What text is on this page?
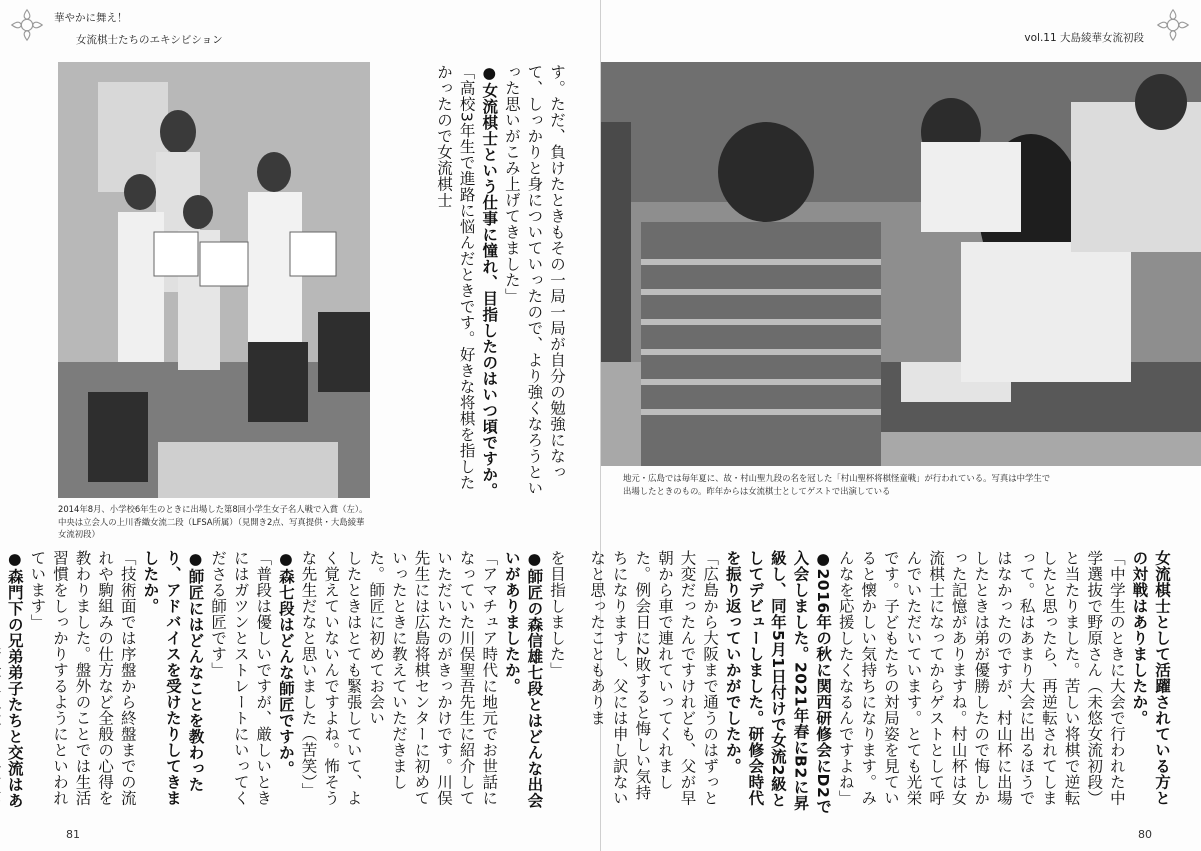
華やかに舞え！
女流棋士たちのエキシビション
2014年8月、小学校6年生のときに出場した第8回小学生女子名人戦で入賞（左）。中央は立会人の上川香織女流二段（LFSA所属）（見開き2点、写真提供・大島綾華女流初段）

す。ただ、負けたときもその一局一局が自分の勉強になって、しっかりと身についていったので、より強くなろうといった思いがこみ上げてきました」

●女流棋士という仕事に憧れ、目指したのはいつ頃ですか。

「高校3年生で進路に悩んだときです。好きな将棋を指したかったので女流棋士

を目指しました」

●師匠の森信雄七段とはどんな出会いがありましたか。

「アマチュア時代に地元でお世話になっていた川俣聖吾先生に紹介していただいたのがきっかけです。川俣先生には広島将棋センターに初めていったときに教えていただきました。師匠に初めてお会い

したときはとても緊張していて、よく覚えていないんですよね。怖そうな先生だなと思いました（苦笑）」

●森七段はどんな師匠ですか。

「普段は優しいですが、厳しいときにはガツンとストレートにいってくださる師匠です」

●師匠にはどんなことを教わったり、アドバイスを受けたりしてきましたか。

「技術面では序盤から終盤までの流れや駒組みの仕方など全般の心得を教わりました。盤外のことでは生活習慣をしっかりするようにといわれています」

●森門下の兄弟弟子たちと交流はあ

81
vol.11 大島綾華女流初段
地元・広島では毎年夏に、故・村山聖九段の名を冠した「村山聖杯将棋怪童戦」が行われている。写真は中学生で
出場したときのもの。昨年からは女流棋士としてゲストで出演している

女流棋士として活躍されている方との対戦はありましたか。

「中学生のときに大会で行われた中学選抜で野原さん（未悠女流初段）と当たりました。苦しい将棋で逆転したと思ったら、再逆転されてしまって。私はあまり大会に出るほうではなかったのですが、村山杯に出場したときは弟が優勝したので悔しかった記憶がありますね。村山杯は女流棋士になってからゲストとして呼んでいただいています。とても光栄です。子どもたちの対局姿を見ていると懐かしい気持ちになります。みんなを応援したくなるんですよね」

●2016年の秋に関西研修会にD2で入会しました。2021年春にB2に昇級し、同年5月1日付けで女流2級としてデビューしました。研修会時代を振り返っていかがでしたか。

「広島から大阪まで通うのはずっと大変だったんですけれども、父が早朝から車で連れていってくれました。例会日に2敗すると悔しい気持ちになりますし、父には申し訳ないなと思ったこともありま

80
